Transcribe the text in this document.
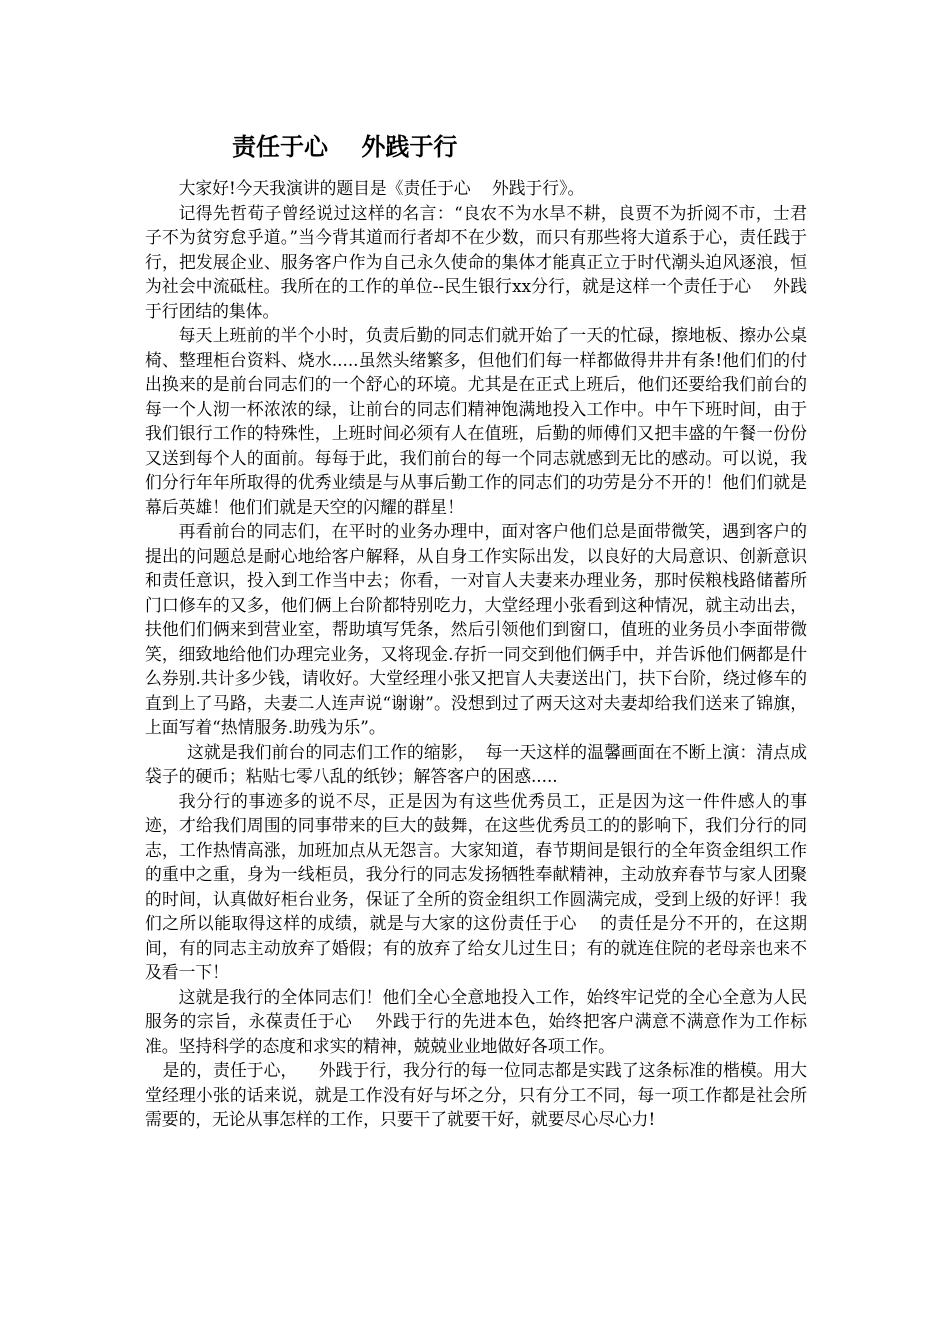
责任于心    外践于行

大家好!今天我演讲的题目是《责任于心    外践于行》。

记得先哲荀子曾经说过这样的名言：“良农不为水旱不耕，良贾不为折阅不市，士君子不为贫穷怠乎道。”当今背其道而行者却不在少数，而只有那些将大道系于心，责任践于行，把发展企业、服务客户作为自己永久使命的集体才能真正立于时代潮头迫风逐浪，恒为社会中流砥柱。我所在的工作的单位--民生银行xx分行，就是这样一个责任于心    外践于行团结的集体。

每天上班前的半个小时，负责后勤的同志们就开始了一天的忙碌，擦地板、擦办公桌椅、整理柜台资料、烧水.....虽然头绪繁多，但他们们每一样都做得井井有条!他们们的付出换来的是前台同志们的一个舒心的环境。尤其是在正式上班后，他们还要给我们前台的每一个人沏一杯浓浓的绿，让前台的同志们精神饱满地投入工作中。中午下班时间，由于我们银行工作的特殊性，上班时间必须有人在值班，后勤的师傅们又把丰盛的午餐一份份又送到每个人的面前。每每于此，我们前台的每一个同志就感到无比的感动。可以说，我们分行年年所取得的优秀业绩是与从事后勤工作的同志们的功劳是分不开的！他们们就是幕后英雄！他们们就是天空的闪耀的群星！

再看前台的同志们，在平时的业务办理中，面对客户他们总是面带微笑，遇到客户的提出的问题总是耐心地给客户解释，从自身工作实际出发，以良好的大局意识、创新意识和责任意识，投入到工作当中去；你看，一对盲人夫妻来办理业务，那时侯粮栈路储蓄所门口修车的又多，他们俩上台阶都特别吃力，大堂经理小张看到这种情况，就主动出去，扶他们们俩来到营业室，帮助填写凭条，然后引领他们到窗口，值班的业务员小李面带微笑，细致地给他们办理完业务，又将现金.存折一同交到他们俩手中，并告诉他们俩都是什么券别.共计多少钱，请收好。大堂经理小张又把盲人夫妻送出门，扶下台阶，绕过修车的直到上了马路，夫妻二人连声说“谢谢”。没想到过了两天这对夫妻却给我们送来了锦旗，上面写着“热情服务.助残为乐”。

这就是我们前台的同志们工作的缩影，  每一天这样的温馨画面在不断上演：清点成袋子的硬币；粘贴七零八乱的纸钞；解答客户的困惑.....

我分行的事迹多的说不尽，正是因为有这些优秀员工，正是因为这一件件感人的事迹，才给我们周围的同事带来的巨大的鼓舞，在这些优秀员工的的影响下，我们分行的同志，工作热情高涨，加班加点从无怨言。大家知道，春节期间是银行的全年资金组织工作的重中之重，身为一线柜员，我分行的同志发扬牺牲奉献精神，主动放弃春节与家人团聚的时间，认真做好柜台业务，保证了全所的资金组织工作圆满完成，受到上级的好评！我们之所以能取得这样的成绩，就是与大家的这份责任于心    的责任是分不开的，在这期间，有的同志主动放弃了婚假；有的放弃了给女儿过生日；有的就连住院的老母亲也来不及看一下！

这就是我行的全体同志们！他们全心全意地投入工作，始终牢记党的全心全意为人民服务的宗旨，永葆责任于心    外践于行的先进本色，始终把客户满意不满意作为工作标准。坚持科学的态度和求实的精神，兢兢业业地做好各项工作。

是的，责任于心，    外践于行，我分行的每一位同志都是实践了这条标准的楷模。用大堂经理小张的话来说，就是工作没有好与坏之分，只有分工不同，每一项工作都是社会所需要的，无论从事怎样的工作，只要干了就要干好，就要尽心尽心力!
